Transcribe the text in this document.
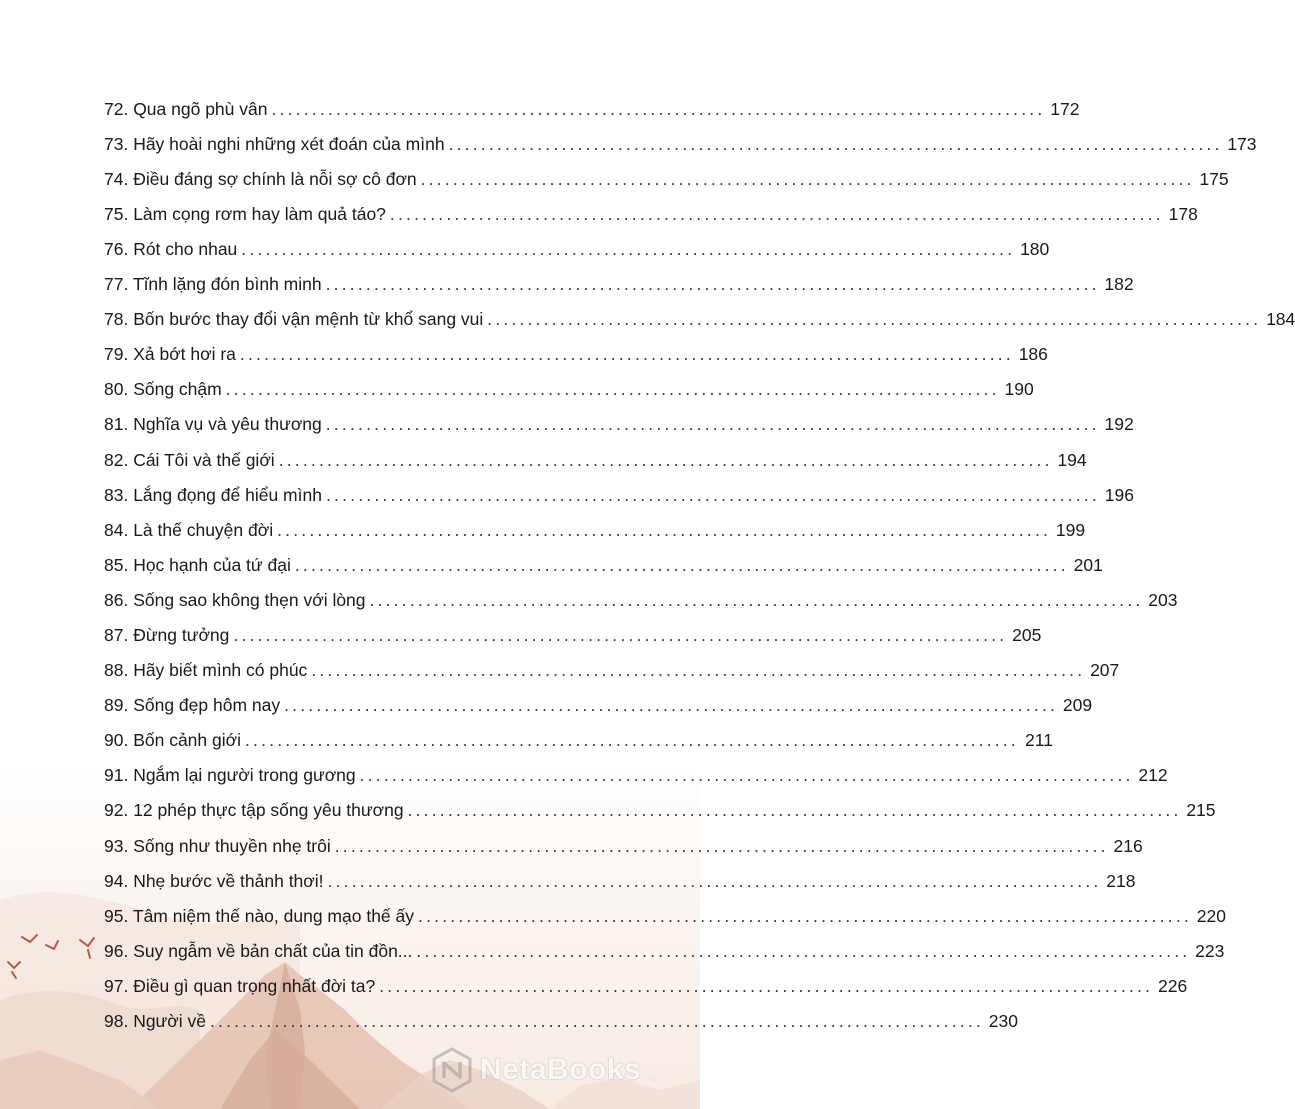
72. Qua ngõ phù vân ................................................................................................ 172
73. Hãy hoài nghi những xét đoán của mình ................................................................................................ 173
74. Điều đáng sợ chính là nỗi sợ cô đơn ................................................................................................ 175
75. Làm cọng rơm hay làm quả táo? ................................................................................................ 178
76. Rót cho nhau ................................................................................................ 180
77. Tĩnh lặng đón bình minh ................................................................................................ 182
78. Bốn bước thay đổi vận mệnh từ khổ sang vui ................................................................................................ 184
79. Xả bớt hơi ra ................................................................................................ 186
80. Sống chậm ................................................................................................ 190
81. Nghĩa vụ và yêu thương ................................................................................................ 192
82. Cái Tôi và thế giới ................................................................................................ 194
83. Lắng đọng để hiểu mình ................................................................................................ 196
84. Là thế chuyện đời ................................................................................................ 199
85. Học hạnh của tứ đại ................................................................................................ 201
86. Sống sao không thẹn với lòng ................................................................................................ 203
87. Đừng tưởng ................................................................................................ 205
88. Hãy biết mình có phúc ................................................................................................ 207
89. Sống đẹp hôm nay ................................................................................................ 209
90. Bốn cảnh giới ................................................................................................ 211
91. Ngắm lại người trong gương ................................................................................................ 212
92. 12 phép thực tập sống yêu thương ................................................................................................ 215
93. Sống như thuyền nhẹ trôi ................................................................................................ 216
94. Nhẹ bước về thảnh thơi! ................................................................................................ 218
95. Tâm niệm thế nào, dung mạo thế ấy ................................................................................................ 220
96. Suy ngẫm về bản chất của tin đồn... ................................................................................................ 223
97. Điều gì quan trọng nhất đời ta? ................................................................................................ 226
98. Người về ................................................................................................ 230
NetaBooks .vn
